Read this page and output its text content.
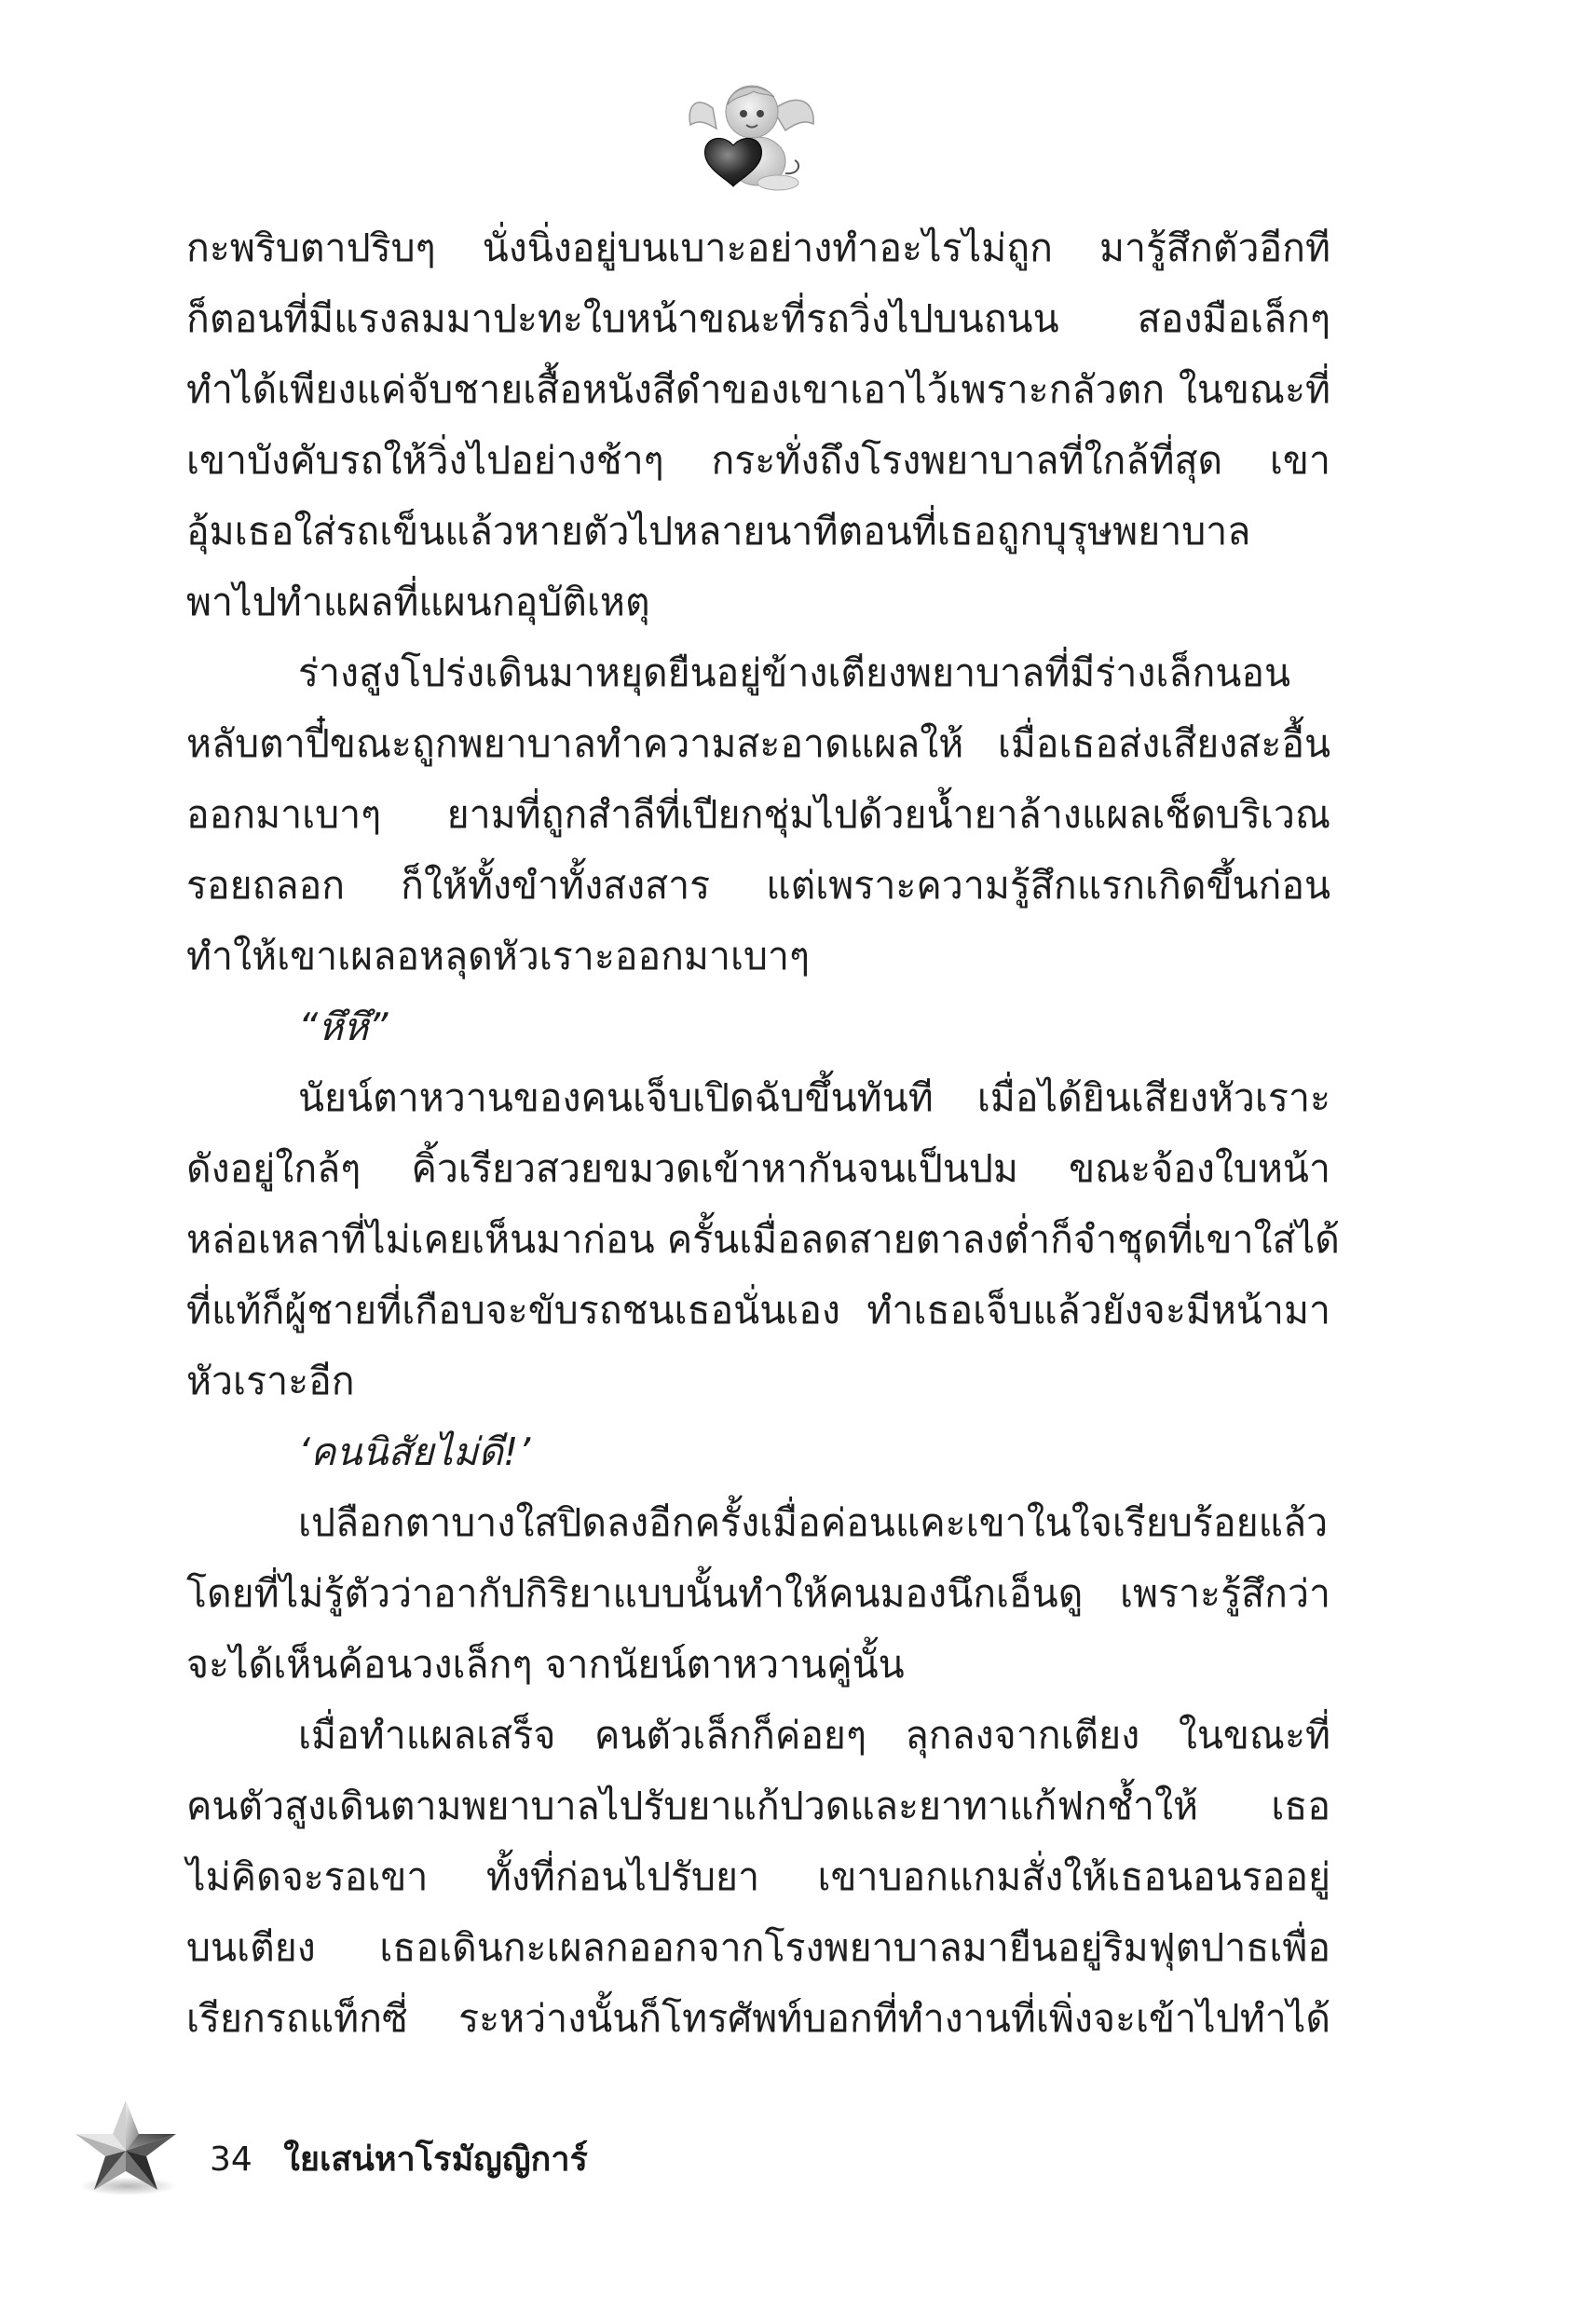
กะพริบตาปริบๆ นั่งนิ่งอยู่บนเบาะอย่างทำอะไรไม่ถูก มารู้สึกตัวอีกที
ก็ตอนที่มีแรงลมมาปะทะใบหน้าขณะที่รถวิ่งไปบนถนน สองมือเล็กๆ
ทำได้เพียงแค่จับชายเสื้อหนังสีดำของเขาเอาไว้เพราะกลัวตก ในขณะที่
เขาบังคับรถให้วิ่งไปอย่างช้าๆ กระทั่งถึงโรงพยาบาลที่ใกล้ที่สุด เขา
อุ้มเธอใส่รถเข็นแล้วหายตัวไปหลายนาทีตอนที่เธอถูกบุรุษพยาบาล
พาไปทำแผลที่แผนกอุบัติเหตุ
ร่างสูงโปร่งเดินมาหยุดยืนอยู่ข้างเตียงพยาบาลที่มีร่างเล็กนอน
หลับตาปี๋ขณะถูกพยาบาลทำความสะอาดแผลให้ เมื่อเธอส่งเสียงสะอื้น
ออกมาเบาๆ ยามที่ถูกสำลีที่เปียกชุ่มไปด้วยน้ำยาล้างแผลเช็ดบริเวณ
รอยถลอก ก็ให้ทั้งขำทั้งสงสาร แต่เพราะความรู้สึกแรกเกิดขึ้นก่อน
ทำให้เขาเผลอหลุดหัวเราะออกมาเบาๆ
“หึหึ”
นัยน์ตาหวานของคนเจ็บเปิดฉับขึ้นทันที เมื่อได้ยินเสียงหัวเราะ
ดังอยู่ใกล้ๆ คิ้วเรียวสวยขมวดเข้าหากันจนเป็นปม ขณะจ้องใบหน้า
หล่อเหลาที่ไม่เคยเห็นมาก่อน ครั้นเมื่อลดสายตาลงต่ำก็จำชุดที่เขาใส่ได้
ที่แท้ก็ผู้ชายที่เกือบจะขับรถชนเธอนั่นเอง ทำเธอเจ็บแล้วยังจะมีหน้ามา
หัวเราะอีก
‘คนนิสัยไม่ดี!’
เปลือกตาบางใสปิดลงอีกครั้งเมื่อค่อนแคะเขาในใจเรียบร้อยแล้ว
โดยที่ไม่รู้ตัวว่าอากัปกิริยาแบบนั้นทำให้คนมองนึกเอ็นดู เพราะรู้สึกว่า
จะได้เห็นค้อนวงเล็กๆ จากนัยน์ตาหวานคู่นั้น
เมื่อทำแผลเสร็จ คนตัวเล็กก็ค่อยๆ ลุกลงจากเตียง ในขณะที่
คนตัวสูงเดินตามพยาบาลไปรับยาแก้ปวดและยาทาแก้ฟกช้ำให้ เธอ
ไม่คิดจะรอเขา ทั้งที่ก่อนไปรับยา เขาบอกแกมสั่งให้เธอนอนรออยู่
บนเตียง เธอเดินกะเผลกออกจากโรงพยาบาลมายืนอยู่ริมฟุตปาธเพื่อ
เรียกรถแท็กซี่ ระหว่างนั้นก็โทรศัพท์บอกที่ทำงานที่เพิ่งจะเข้าไปทำได้
34 ใยเสน่หาโรมัญญิการ์
